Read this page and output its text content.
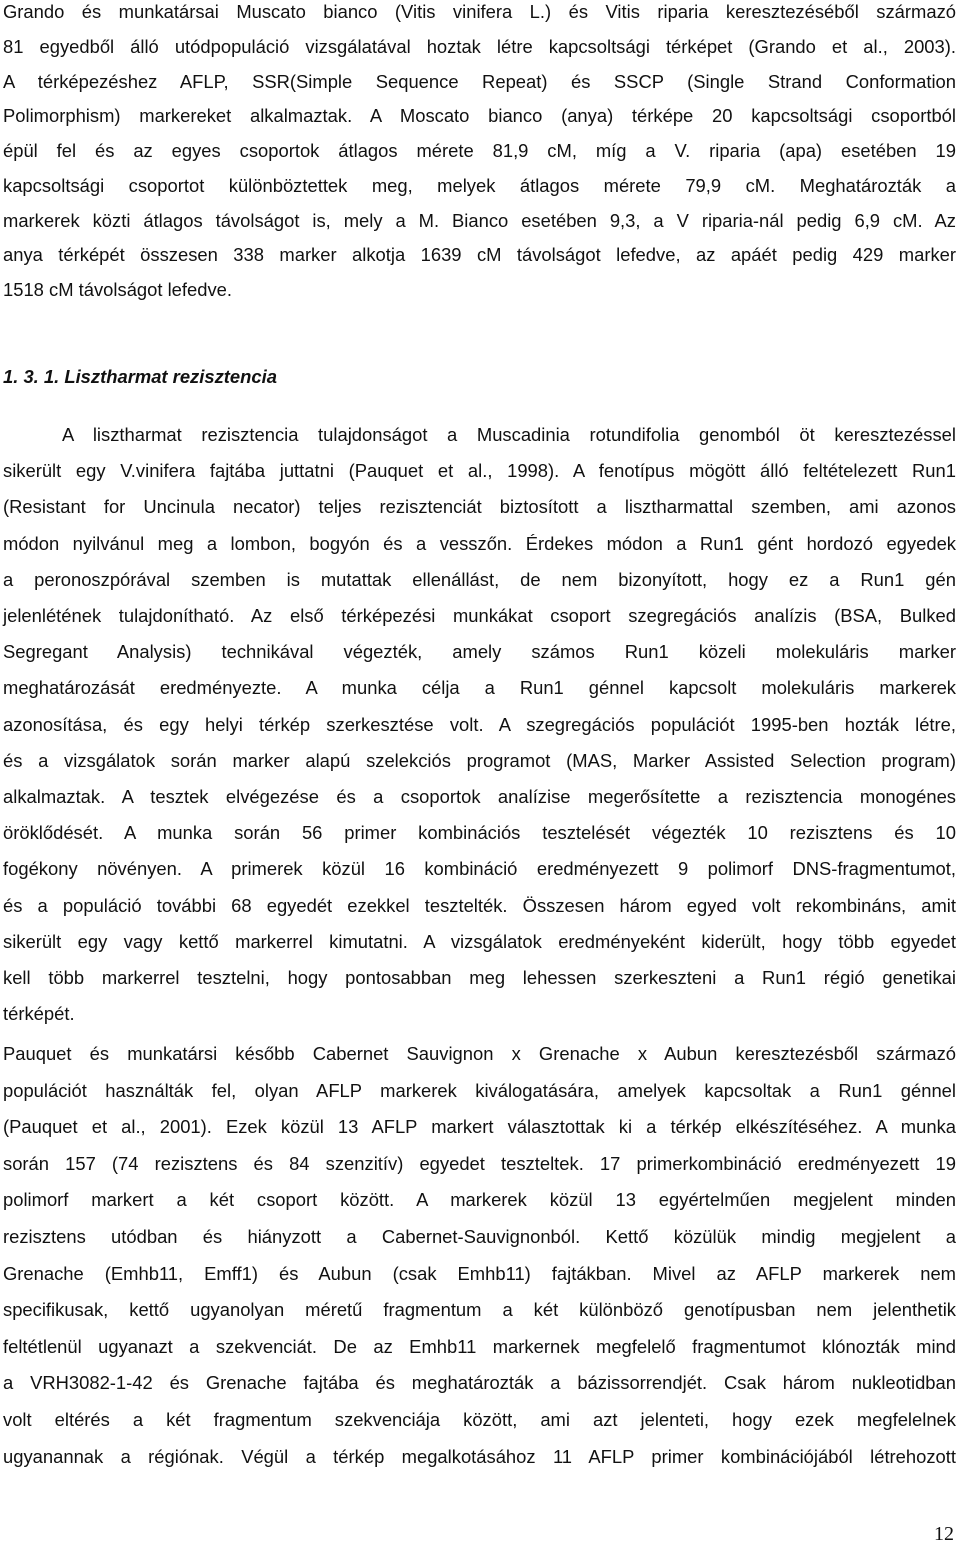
Grando és munkatársai Muscato bianco (Vitis vinifera L.) és Vitis riparia keresztezéséből származó
81 egyedből álló utódpopuláció vizsgálatával hoztak létre kapcsoltsági térképet (Grando et al., 2003).
A térképezéshez AFLP, SSR(Simple Sequence Repeat) és SSCP (Single Strand Conformation
Polimorphism) markereket alkalmaztak. A Moscato bianco (anya) térképe 20 kapcsoltsági csoportból
épül fel és az egyes csoportok átlagos mérete 81,9 cM, míg a V. riparia (apa) esetében 19
kapcsoltsági csoportot különböztettek meg, melyek átlagos mérete 79,9 cM. Meghatározták a
markerek közti átlagos távolságot is, mely a M. Bianco esetében 9,3, a V riparia-nál pedig 6,9 cM. Az
anya térképét összesen 338 marker alkotja 1639 cM távolságot lefedve, az apáét pedig 429 marker
1518 cM távolságot lefedve.
1. 3. 1. Lisztharmat rezisztencia
A lisztharmat rezisztencia tulajdonságot a Muscadinia rotundifolia genomból öt keresztezéssel
sikerült egy V.vinifera fajtába juttatni (Pauquet et al., 1998). A fenotípus mögött álló feltételezett Run1
(Resistant for Uncinula necator) teljes rezisztenciát biztosított a lisztharmattal szemben, ami azonos
módon nyilvánul meg a lombon, bogyón és a vesszőn. Érdekes módon a Run1 gént hordozó egyedek
a peronoszpórával szemben is mutattak ellenállást, de nem bizonyított, hogy ez a Run1 gén
jelenlétének tulajdonítható. Az első térképezési munkákat csoport szegregációs analízis (BSA, Bulked
Segregant Analysis) technikával végezték, amely számos Run1 közeli molekuláris marker
meghatározását eredményezte. A munka célja a Run1 génnel kapcsolt molekuláris markerek
azonosítása, és egy helyi térkép szerkesztése volt. A szegregációs populációt 1995-ben hozták létre,
és a vizsgálatok során marker alapú szelekciós programot (MAS, Marker Assisted Selection program)
alkalmaztak. A tesztek elvégezése és a csoportok analízise megerősítette a rezisztencia monogénes
öröklődését. A munka során 56 primer kombinációs tesztelését végezték 10 rezisztens és 10
fogékony növényen. A primerek közül 16 kombináció eredményezett 9 polimorf DNS-fragmentumot,
és a populáció további 68 egyedét ezekkel tesztelték. Összesen három egyed volt rekombináns, amit
sikerült egy vagy kettő markerrel kimutatni. A vizsgálatok eredményeként kiderült, hogy több egyedet
kell több markerrel tesztelni, hogy pontosabban meg lehessen szerkeszteni a Run1 régió genetikai
térképét.
Pauquet és munkatársi később Cabernet Sauvignon x Grenache x Aubun keresztezésből származó
populációt használták fel, olyan AFLP markerek kiválogatására, amelyek kapcsoltak a Run1 génnel
(Pauquet et al., 2001). Ezek közül 13 AFLP markert választottak ki a térkép elkészítéséhez. A munka
során 157 (74 rezisztens és 84 szenzitív) egyedet teszteltek. 17 primerkombináció eredményezett 19
polimorf markert a két csoport között. A markerek közül 13 egyértelműen megjelent minden
rezisztens utódban és hiányzott a Cabernet-Sauvignonból. Kettő közülük mindig megjelent a
Grenache (Emhb11, Emff1) és Aubun (csak Emhb11) fajtákban. Mivel az AFLP markerek nem
specifikusak, kettő ugyanolyan méretű fragmentum a két különböző genotípusban nem jelenthetik
feltétlenül ugyanazt a szekvenciát. De az Emhb11 markernek megfelelő fragmentumot klónozták mind
a VRH3082-1-42 és Grenache fajtába és meghatározták a bázissorrendjét. Csak három nukleotidban
volt eltérés a két fragmentum szekvenciája között, ami azt jelenteti, hogy ezek megfelelnek
ugyanannak a régiónak. Végül a térkép megalkotásához 11 AFLP primer kombinációjából létrehozott
12
